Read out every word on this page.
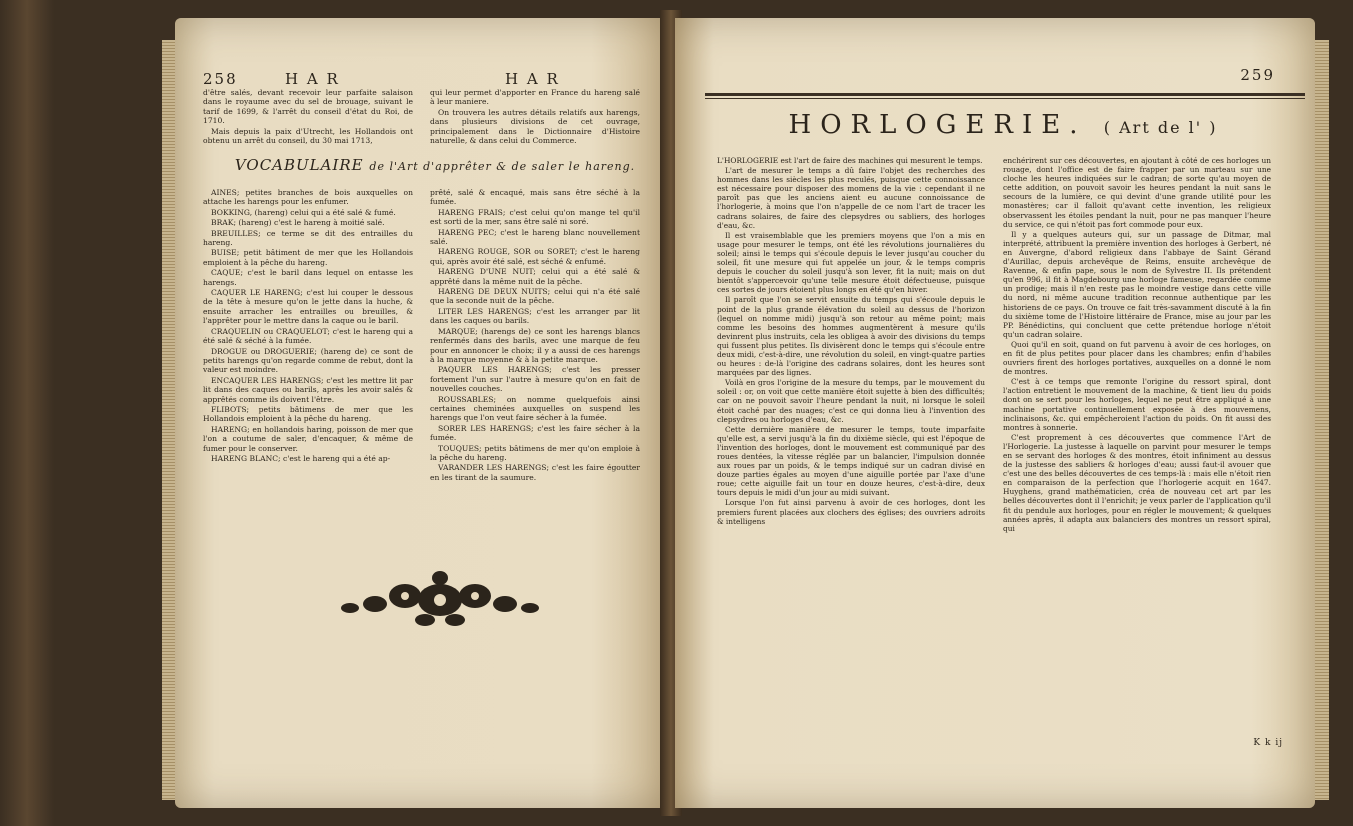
258	H A R	H A R

d'être salés, devant recevoir leur parfaite salaison dans le royaume avec du sel de brouage, suivant le tarif de 1699, & l'arrêt du conseil d'état du Roi, de 1710.

Mais depuis la paix d'Utrecht, les Hollandois ont obtenu un arrêt du conseil, du 30 mai 1713,

qui leur permet d'apporter en France du hareng salé à leur maniere.

On trouvera les autres détails relatifs aux harengs, dans plusieurs divisions de cet ouvrage, principalement dans le Dictionnaire d'Histoire naturelle, & dans celui du Commerce.

VOCABULAIRE de l'Art d'apprêter & de saler le hareng.

AINES; petites branches de bois auxquelles on attache les harengs pour les enfumer.

BOKKING, (hareng) celui qui a été salé & fumé.

BRAK; (hareng) c'est le hareng à moitié salé.

BREUILLES; ce terme se dit des entrailles du hareng.

BUISE; petit bâtiment de mer que les Hollandois emploient à la pêche du hareng.

CAQUE; c'est le baril dans lequel on entasse les harengs.

CAQUER LE HARENG; c'est lui couper le dessous de la tête à mesure qu'on le jette dans la huche, & ensuite arracher les entrailles ou breuilles, & l'apprêter pour le mettre dans la caque ou le baril.

CRAQUELIN ou CRAQUELOT; c'est le hareng qui a été salé & séché à la fumée.

DROGUE ou DROGUERIE; (hareng de) ce sont de petits harengs qu'on regarde comme de rebut, dont la valeur est moindre.

ENCAQUER LES HARENGS; c'est les mettre lit par lit dans des caques ou barils, après les avoir salés & apprêtés comme ils doivent l'être.

FLIBOTS; petits bâtimens de mer que les Hollandois emploient à la pêche du hareng.

HARENG; en hollandois haring, poisson de mer que l'on a coutume de saler, d'encaquer, & même de fumer pour le conserver.

HARENG BLANC; c'est le hareng qui a été ap-

prêté, salé & encaqué, mais sans être séché à la fumée.

HARENG FRAIS; c'est celui qu'on mange tel qu'il est sorti de la mer, sans être salé ni soré.

HARENG PEC; c'est le hareng blanc nouvellement salé.

HARENG ROUGE, SOR ou SORET; c'est le hareng qui, après avoir été salé, est séché & enfumé.

HARENG D'UNE NUIT; celui qui a été salé & apprêté dans la même nuit de la pêche.

HARENG DE DEUX NUITS; celui qui n'a été salé que la seconde nuit de la pêche.

LITER LES HARENGS; c'est les arranger par lit dans les caques ou barils.

MARQUE; (harengs de) ce sont les harengs blancs renfermés dans des barils, avec une marque de feu pour en annoncer le choix; il y a aussi de ces harengs à la marque moyenne & à la petite marque.

PAQUER LES HARENGS; c'est les presser fortement l'un sur l'autre à mesure qu'on en fait de nouvelles couches.

ROUSSABLES; on nomme quelquefois ainsi certaines cheminées auxquelles on suspend les harengs que l'on veut faire sécher à la fumée.

SORER LES HARENGS; c'est les faire sécher à la fumée.

TOUQUES; petits bâtimens de mer qu'on emploie à la pêche du hareng.

VARANDER LES HARENGS; c'est les faire égoutter en les tirant de la saumure.

259
HORLOGERIE. ( Art de l' )

L'HORLOGERIE est l'art de faire des machines qui mesurent le temps.

L'art de mesurer le temps a dû faire l'objet des recherches des hommes dans les siècles les plus reculés, puisque cette connoissance est nécessaire pour disposer des momens de la vie : cependant il ne paroît pas que les anciens aient eu aucune connoissance de l'horlogerie, à moins que l'on n'appelle de ce nom l'art de tracer les cadrans solaires, de faire des clepsydres ou sabliers, des horloges d'eau, &c.

Il est vraisemblable que les premiers moyens que l'on a mis en usage pour mesurer le temps, ont été les révolutions journalières du soleil; ainsi le temps qui s'écoule depuis le lever jusqu'au coucher du soleil, fit une mesure qui fut appelée un jour, & le temps compris depuis le coucher du soleil jusqu'à son lever, fit la nuit; mais on dut bientôt s'appercevoir qu'une telle mesure étoit défectueuse, puisque ces sortes de jours étoient plus longs en été qu'en hiver.

Il paroît que l'on se servit ensuite du temps qui s'écoule depuis le point de la plus grande élévation du soleil au dessus de l'horizon (lequel on nomme midi) jusqu'à son retour au même point; mais comme les besoins des hommes augmentèrent à mesure qu'ils devinrent plus instruits, cela les obligea à avoir des divisions du temps qui fussent plus petites. Ils divisèrent donc le temps qui s'écoule entre deux midi, c'est-à-dire, une révolution du soleil, en vingt-quatre parties ou heures : de-là l'origine des cadrans solaires, dont les heures sont marquées par des lignes.

Voilà en gros l'origine de la mesure du temps, par le mouvement du soleil : or, on voit que cette manière étoit sujette à bien des difficultés; car on ne pouvoit savoir l'heure pendant la nuit, ni lorsque le soleil étoit caché par des nuages; c'est ce qui donna lieu à l'invention des clepsydres ou horloges d'eau, &c.

Cette dernière manière de mesurer le temps, toute imparfaite qu'elle est, a servi jusqu'à la fin du dixième siècle, qui est l'époque de l'invention des horloges, dont le mouvement est communiqué par des roues dentées, la vitesse réglée par un balancier, l'impulsion donnée aux roues par un poids, & le temps indiqué sur un cadran divisé en douze parties égales au moyen d'une aiguille portée par l'axe d'une roue; cette aiguille fait un tour en douze heures, c'est-à-dire, deux tours depuis le midi d'un jour au midi suivant.

Lorsque l'on fut ainsi parvenu à avoir de ces horloges, dont les premiers furent placées aux clochers des églises; des ouvriers adroits & intelligens

enchérirent sur ces découvertes, en ajoutant à côté de ces horloges un rouage, dont l'office est de faire frapper par un marteau sur une cloche les heures indiquées sur le cadran; de sorte qu'au moyen de cette addition, on pouvoit savoir les heures pendant la nuit sans le secours de la lumière, ce qui devint d'une grande utilité pour les monastères; car il falloit qu'avant cette invention, les religieux observassent les étoiles pendant la nuit, pour ne pas manquer l'heure du service, ce qui n'étoit pas fort commode pour eux.

Il y a quelques auteurs qui, sur un passage de Ditmar, mal interprété, attribuent la première invention des horloges à Gerbert, né en Auvergne, d'abord religieux dans l'abbaye de Saint Gérand d'Aurillac, depuis archevêque de Reims, ensuite archevêque de Ravenne, & enfin pape, sous le nom de Sylvestre II. Ils prétendent qu'en 996, il fit à Magdebourg une horloge fameuse, regardée comme un prodige; mais il n'en reste pas le moindre vestige dans cette ville du nord, ni même aucune tradition reconnue authentique par les historiens de ce pays. On trouve ce fait très-savamment discuté à la fin du sixième tome de l'Histoire littéraire de France, mise au jour par les PP. Bénédictins, qui concluent que cette prétendue horloge n'étoit qu'un cadran solaire.

Quoi qu'il en soit, quand on fut parvenu à avoir de ces horloges, on en fit de plus petites pour placer dans les chambres; enfin d'habiles ouvriers firent des horloges portatives, auxquelles on a donné le nom de montres.

C'est à ce temps que remonte l'origine du ressort spiral, dont l'action entretient le mouvement de la machine, & tient lieu du poids dont on se sert pour les horloges, lequel ne peut être appliqué à une machine portative continuellement exposée à des mouvemens, inclinaisons, &c. qui empêcheroient l'action du poids. On fit aussi des montres à sonnerie.

C'est proprement à ces découvertes que commence l'Art de l'Horlogerie. La justesse à laquelle on parvint pour mesurer le temps en se servant des horloges & des montres, étoit infiniment au dessus de la justesse des sabliers & horloges d'eau; aussi faut-il avouer que c'est une des belles découvertes de ces temps-là : mais elle n'étoit rien en comparaison de la perfection que l'horlogerie acquit en 1647. Huyghens, grand mathématicien, créa de nouveau cet art par les belles découvertes dont il l'enrichit; je veux parler de l'application qu'il fit du pendule aux horloges, pour en régler le mouvement; & quelques années après, il adapta aux balanciers des montres un ressort spiral, qui

K k ij
